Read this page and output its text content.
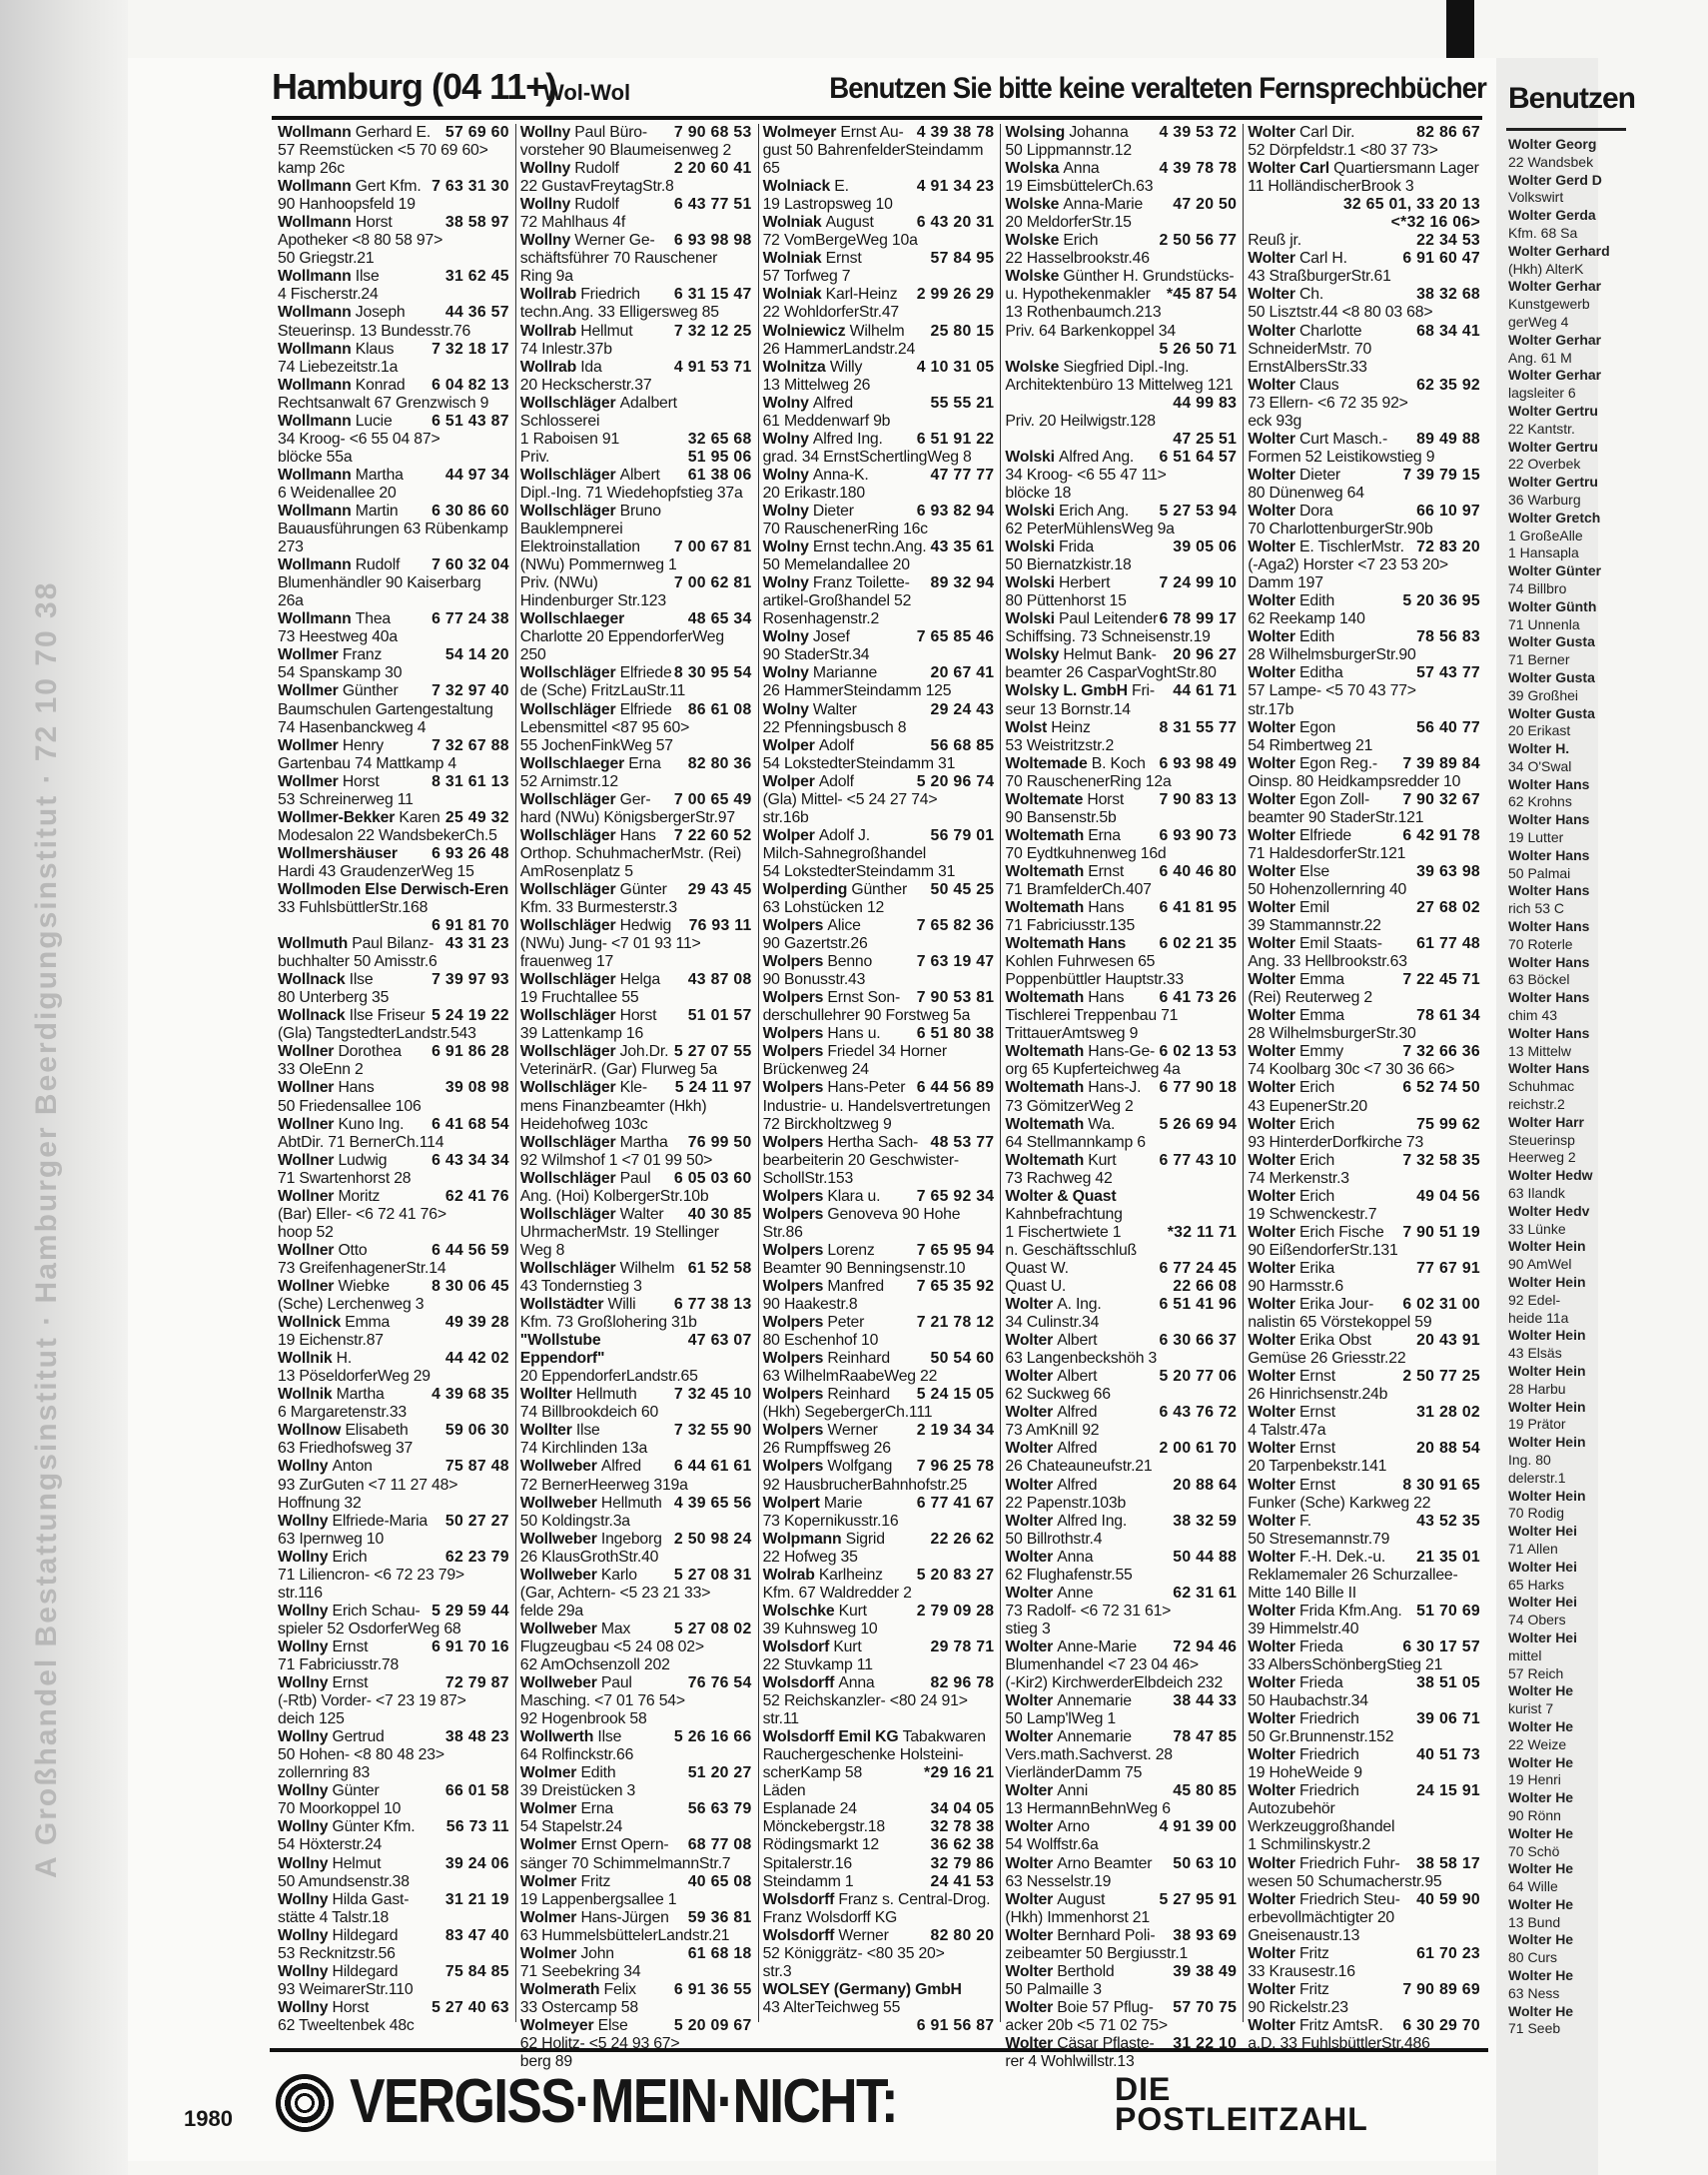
A Großhandel Bestattungsinstitut · Hamburger Beerdigungsinstitut · 72 10 70 38
Hamburg (04 11+)
Wol-Wol	Benutzen Sie bitte keine veralteten Fernsprechbücher
57 69 60
Wollmann Gerhard E.
57 Reemstücken <5 70 69 60>
kamp 26c
7 63 31 30
Wollmann Gert Kfm.
90 Hanhoopsfeld 19
38 58 97
Wollmann Horst
Apotheker <8 80 58 97>
50 Griegstr.21
31 62 45
Wollmann Ilse
4 Fischerstr.24
44 36 57
Wollmann Joseph
Steuerinsp. 13 Bundesstr.76
7 32 18 17
Wollmann Klaus
74 Liebezeitstr.1a
6 04 82 13
Wollmann Konrad
Rechtsanwalt 67 Grenzwisch 9
6 51 43 87
Wollmann Lucie
34 Kroog- <6 55 04 87>
blöcke 55a
44 97 34
Wollmann Martha
6 Weidenallee 20
6 30 86 60
Wollmann Martin
Bauausführungen 63 Rübenkamp 273
7 60 32 04
Wollmann Rudolf
Blumenhändler 90 Kaiserbarg 26a
6 77 24 38
Wollmann Thea
73 Heestweg 40a
54 14 20
Wollmer Franz
54 Spanskamp 30
7 32 97 40
Wollmer Günther
Baumschulen Gartengestaltung
74 Hasenbanckweg 4
7 32 67 88
Wollmer Henry
Gartenbau 74 Mattkamp 4
8 31 61 13
Wollmer Horst
53 Schreinerweg 11
25 49 32
Wollmer-Bekker Karen
Modesalon 22 WandsbekerCh.5
6 93 26 48
Wollmershäuser
Hardi 43 GraudenzerWeg 15
Wollmoden Else Derwisch-Eren
33 FuhlsbüttlerStr.168
6 91 81 70
43 31 23
Wollmuth Paul Bilanz-
buchhalter 50 Amisstr.6
7 39 97 93
Wollnack Ilse
80 Unterberg 35
5 24 19 22
Wollnack Ilse Friseur
(Gla) TangstedterLandstr.543
6 91 86 28
Wollner Dorothea
33 OleEnn 2
39 08 98
Wollner Hans
50 Friedensallee 106
6 41 68 54
Wollner Kuno Ing.
AbtDir. 71 BernerCh.114
6 43 34 34
Wollner Ludwig
71 Swartenhorst 28
62 41 76
Wollner Moritz
(Bar) Eller- <6 72 41 76>
hoop 52
6 44 56 59
Wollner Otto
73 GreifenhagenerStr.14
8 30 06 45
Wollner Wiebke
(Sche) Lerchenweg 3
49 39 28
Wollnick Emma
19 Eichenstr.87
44 42 02
Wollnik H.
13 PöseldorferWeg 29
4 39 68 35
Wollnik Martha
6 Margaretenstr.33
59 06 30
Wollnow Elisabeth
63 Friedhofsweg 37
75 87 48
Wollny Anton
93 ZurGuten <7 11 27 48>
Hoffnung 32
50 27 27
Wollny Elfriede-Maria
63 Ipernweg 10
62 23 79
Wollny Erich
71 Liliencron- <6 72 23 79>
str.116
5 29 59 44
Wollny Erich Schau-
spieler 52 OsdorferWeg 68
6 91 70 16
Wollny Ernst
71 Fabriciusstr.78
72 79 87
Wollny Ernst
(-Rtb) Vorder- <7 23 19 87>
deich 125
38 48 23
Wollny Gertrud
50 Hohen- <8 80 48 23>
zollernring 83
66 01 58
Wollny Günter
70 Moorkoppel 10
56 73 11
Wollny Günter Kfm.
54 Höxterstr.24
39 24 06
Wollny Helmut
50 Amundsenstr.38
31 21 19
Wollny Hilda Gast-
stätte 4 Talstr.18
83 47 40
Wollny Hildegard
53 Recknitzstr.56
75 84 85
Wollny Hildegard
93 WeimarerStr.110
5 27 40 63
Wollny Horst
62 Tweeltenbek 48c
7 90 68 53
Wollny Paul Büro-
vorsteher 90 Blaumeisenweg 2
2 20 60 41
Wollny Rudolf
22 GustavFreytagStr.8
6 43 77 51
Wollny Rudolf
72 Mahlhaus 4f
6 93 98 98
Wollny Werner Ge-
schäftsführer 70 Rauschener Ring 9a
6 31 15 47
Wollrab Friedrich
techn.Ang. 33 Elligersweg 85
7 32 12 25
Wollrab Hellmut
74 Inlestr.37b
4 91 53 71
Wollrab Ida
20 Heckscherstr.37
Wollschläger Adalbert Schlosserei
32 65 68
1 Raboisen 91
51 95 06
Priv.
61 38 06
Wollschläger Albert
Dipl.-Ing. 71 Wiedehopfstieg 37a
Wollschläger Bruno Bauklempnerei
7 00 67 81
Elektroinstallation (NWu) Pommernweg 1
7 00 62 81
Priv. (NWu) Hindenburger Str.123
48 65 34
Wollschlaeger Charlotte 20 EppendorferWeg 250
8 30 95 54
Wollschläger Elfriede
de (Sche) FritzLauStr.11
86 61 08
Wollschläger Elfriede
Lebensmittel <87 95 60>
55 JochenFinkWeg 57
82 80 36
Wollschlaeger Erna
52 Arnimstr.12
7 00 65 49
Wollschläger Ger-
hard (NWu) KönigsbergerStr.97
7 22 60 52
Wollschläger Hans
Orthop. SchuhmacherMstr. (Rei) AmRosenplatz 5
29 43 45
Wollschläger Günter
Kfm. 33 Burmesterstr.3
76 93 11
Wollschläger Hedwig
(NWu) Jung- <7 01 93 11>
frauenweg 17
43 87 08
Wollschläger Helga
19 Fruchtallee 55
51 01 57
Wollschläger Horst
39 Lattenkamp 16
5 27 07 55
Wollschläger Joh.Dr.
VeterinärR. (Gar) Flurweg 5a
5 24 11 97
Wollschläger Kle-
mens Finanzbeamter (Hkh) Heidehofweg 103c
76 99 50
Wollschläger Martha
92 Wilmshof 1 <7 01 99 50>
6 05 03 60
Wollschläger Paul
Ang. (Hoi) KolbergerStr.10b
40 30 85
Wollschläger Walter
UhrmacherMstr. 19 Stellinger Weg 8
61 52 58
Wollschläger Wilhelm
43 Tondernstieg 3
6 77 38 13
Wollstädter Willi
Kfm. 73 Großlohering 31b
47 63 07
"Wollstube Eppendorf"
20 EppendorferLandstr.65
7 32 45 10
Wollter Hellmuth
74 Billbrookdeich 60
7 32 55 90
Wollter Ilse
74 Kirchlinden 13a
6 44 61 61
Wollweber Alfred
72 BernerHeerweg 319a
4 39 65 56
Wollweber Hellmuth
50 Koldingstr.3a
2 50 98 24
Wollweber Ingeborg
26 KlausGrothStr.40
5 27 08 31
Wollweber Karlo
(Gar, Achtern- <5 23 21 33>
felde 29a
5 27 08 02
Wollweber Max
Flugzeugbau <5 24 08 02>
62 AmOchsenzoll 202
76 76 54
Wollweber Paul
Masching. <7 01 76 54>
92 Hogenbrook 58
5 26 16 66
Wollwerth Ilse
64 Rolfinckstr.66
51 20 27
Wolmer Edith
39 Dreistücken 3
56 63 79
Wolmer Erna
54 Stapelstr.24
68 77 08
Wolmer Ernst Opern-
sänger 70 SchimmelmannStr.7
40 65 08
Wolmer Fritz
19 Lappenbergsallee 1
59 36 81
Wolmer Hans-Jürgen
63 HummelsbüttelerLandstr.21
61 68 18
Wolmer John
71 Seebekring 34
6 91 36 55
Wolmerath Felix
33 Ostercamp 58
5 20 09 67
Wolmeyer Else
62 Holitz- <5 24 93 67>
berg 89
4 39 38 78
Wolmeyer Ernst Au-
gust 50 BahrenfelderSteindamm 65
4 91 34 23
Wolniack E.
19 Lastropsweg 10
6 43 20 31
Wolniak August
72 VomBergeWeg 10a
57 84 95
Wolniak Ernst
57 Torfweg 7
2 99 26 29
Wolniak Karl-Heinz
22 WohldorferStr.47
25 80 15
Wolniewicz Wilhelm
26 HammerLandstr.24
4 10 31 05
Wolnitza Willy
13 Mittelweg 26
55 55 21
Wolny Alfred
61 Meddenwarf 9b
6 51 91 22
Wolny Alfred Ing.
grad. 34 ErnstSchertlingWeg 8
47 77 77
Wolny Anna-K.
20 Erikastr.180
6 93 82 94
Wolny Dieter
70 RauschenerRing 16c
43 35 61
Wolny Ernst techn.Ang.
50 Memelandallee 20
89 32 94
Wolny Franz Toilette-
artikel-Großhandel 52 Rosenhagenstr.2
7 65 85 46
Wolny Josef
90 StaderStr.34
20 67 41
Wolny Marianne
26 HammerSteindamm 125
29 24 43
Wolny Walter
22 Pfenningsbusch 8
56 68 85
Wolper Adolf
54 LokstedterSteindamm 31
5 20 96 74
Wolper Adolf
(Gla) Mittel- <5 24 27 74>
str.16b
56 79 01
Wolper Adolf J.
Milch-Sahnegroßhandel
54 LokstedterSteindamm 31
50 45 25
Wolperding Günther
63 Lohstücken 12
7 65 82 36
Wolpers Alice
90 Gazertstr.26
7 63 19 47
Wolpers Benno
90 Bonusstr.43
7 90 53 81
Wolpers Ernst Son-
derschullehrer 90 Forstweg 5a
6 51 80 38
Wolpers Hans u.
Wolpers Friedel 34 Horner Brückenweg 24
6 44 56 89
Wolpers Hans-Peter
Industrie- u. Handelsvertretungen
72 Birckholtzweg 9
48 53 77
Wolpers Hertha Sach-
bearbeiterin 20 Geschwister-SchollStr.153
7 65 92 34
Wolpers Klara u.
Wolpers Genoveva 90 Hohe Str.86
7 65 95 94
Wolpers Lorenz
Beamter 90 Benningsenstr.10
7 65 35 92
Wolpers Manfred
90 Haakestr.8
7 21 78 12
Wolpers Peter
80 Eschenhof 10
50 54 60
Wolpers Reinhard
63 WilhelmRaabeWeg 22
5 24 15 05
Wolpers Reinhard
(Hkh) SegebergerCh.111
2 19 34 34
Wolpers Werner
26 Rumpffsweg 26
7 96 25 78
Wolpers Wolfgang
92 HausbrucherBahnhofstr.25
6 77 41 67
Wolpert Marie
73 Kopernikusstr.16
22 26 62
Wolpmann Sigrid
22 Hofweg 35
5 20 83 27
Wolrab Karlheinz
Kfm. 67 Waldredder 2
2 79 09 28
Wolschke Kurt
39 Kuhnsweg 10
29 78 71
Wolsdorf Kurt
22 Stuvkamp 11
82 96 78
Wolsdorff Anna
52 Reichskanzler- <80 24 91>
str.11
Wolsdorff Emil KG Tabakwaren
Rauchergeschenke Holsteini-
*29 16 21
scherKamp 58
Läden
34 04 05
Esplanade 24
32 78 38
Mönckebergstr.18
36 62 38
Rödingsmarkt 12
32 79 86
Spitalerstr.16
24 41 53
Steindamm 1
Wolsdorff Franz s. Central-Drog.
Franz Wolsdorff KG
82 80 20
Wolsdorff Werner
52 Königgrätz- <80 35 20>
str.3
WOLSEY (Germany) GmbH
43 AlterTeichweg 55
6 91 56 87
4 39 53 72
Wolsing Johanna
50 Lippmannstr.12
4 39 78 78
Wolska Anna
19 EimsbüttelerCh.63
47 20 50
Wolske Anna-Marie
20 MeldorferStr.15
2 50 56 77
Wolske Erich
22 Hasselbrookstr.46
Wolske Günther H. Grundstücks-
*45 87 54
u. Hypothekenmakler 13 Rothenbaumch.213
Priv. 64 Barkenkoppel 34
5 26 50 71
Wolske Siegfried Dipl.-Ing. Architektenbüro 13 Mittelweg 121
44 99 83
Priv. 20 Heilwigstr.128
47 25 51
6 51 64 57
Wolski Alfred Ang.
34 Kroog- <6 55 47 11>
blöcke 18
5 27 53 94
Wolski Erich Ang.
62 PeterMühlensWeg 9a
39 05 06
Wolski Frida
50 Biernatzkistr.18
7 24 99 10
Wolski Herbert
80 Püttenhorst 15
6 78 99 17
Wolski Paul Leitender
Schiffsing. 73 Schneisenstr.19
20 96 27
Wolsky Helmut Bank-
beamter 26 CasparVoghtStr.80
44 61 71
Wolsky L. GmbH Fri-
seur 13 Bornstr.14
8 31 55 77
Wolst Heinz
53 Weistritzstr.2
6 93 98 49
Woltemade B. Koch
70 RauschenerRing 12a
7 90 83 13
Woltemate Horst
90 Bansenstr.5b
6 93 90 73
Woltemath Erna
70 Eydtkuhnenweg 16d
6 40 46 80
Woltemath Ernst
71 BramfelderCh.407
6 41 81 95
Woltemath Hans
71 Fabriciusstr.135
6 02 21 35
Woltemath Hans
Kohlen Fuhrwesen 65 Poppenbüttler Hauptstr.33
6 41 73 26
Woltemath Hans
Tischlerei Treppenbau 71 TrittauerAmtsweg 9
6 02 13 53
Woltemath Hans-Ge-
org 65 Kupferteichweg 4a
6 77 90 18
Woltemath Hans-J.
73 GömitzerWeg 2
5 26 69 94
Woltemath Wa.
64 Stellmannkamp 6
6 77 43 10
Woltemath Kurt
73 Rachweg 42
Wolter & Quast Kahnbefrachtung
*32 11 71
1 Fischertwiete 1
n. Geschäftsschluß
6 77 24 45
Quast W.
22 66 08
Quast U.
6 51 41 96
Wolter A. Ing.
34 Culinstr.34
6 30 66 37
Wolter Albert
63 Langenbeckshöh 3
5 20 77 06
Wolter Albert
62 Suckweg 66
6 43 76 72
Wolter Alfred
73 AmKnill 92
2 00 61 70
Wolter Alfred
26 Chateauneufstr.21
20 88 64
Wolter Alfred
22 Papenstr.103b
38 32 59
Wolter Alfred Ing.
50 Billrothstr.4
50 44 88
Wolter Anna
62 Flughafenstr.55
62 31 61
Wolter Anne
73 Radolf- <6 72 31 61>
stieg 3
72 94 46
Wolter Anne-Marie
Blumenhandel <7 23 04 46>
(-Kir2) KirchwerderElbdeich 232
38 44 33
Wolter Annemarie
50 Lamp'lWeg 1
78 47 85
Wolter Annemarie
Vers.math.Sachverst. 28 VierländerDamm 75
45 80 85
Wolter Anni
13 HermannBehnWeg 6
4 91 39 00
Wolter Arno
54 Wolffstr.6a
50 63 10
Wolter Arno Beamter
63 Nesselstr.19
5 27 95 91
Wolter August
(Hkh) Immenhorst 21
38 93 69
Wolter Bernhard Poli-
zeibeamter 50 Bergiusstr.1
39 38 49
Wolter Berthold
50 Palmaille 3
57 70 75
Wolter Boie 57 Pflug-
acker 20b <5 71 02 75>
31 22 10
Wolter Cäsar Pflaste-
rer 4 Wohlwillstr.13
82 86 67
Wolter Carl Dir.
52 Dörpfeldstr.1 <80 37 73>
Wolter Carl Quartiersmann Lager
11 HolländischerBrook 3
32 65 01, 33 20 13
<*32 16 06>
22 34 53
Reuß jr.
6 91 60 47
Wolter Carl H.
43 StraßburgerStr.61
38 32 68
Wolter Ch.
50 Lisztstr.44 <8 80 03 68>
68 34 41
Wolter Charlotte
SchneiderMstr. 70 ErnstAlbersStr.33
62 35 92
Wolter Claus
73 Ellern- <6 72 35 92>
eck 93g
89 49 88
Wolter Curt Masch.-
Formen 52 Leistikowstieg 9
7 39 79 15
Wolter Dieter
80 Dünenweg 64
66 10 97
Wolter Dora
70 CharlottenburgerStr.90b
72 83 20
Wolter E. TischlerMstr.
(-Aga2) Horster <7 23 53 20>
Damm 197
5 20 36 95
Wolter Edith
62 Reekamp 140
78 56 83
Wolter Edith
28 WilhelmsburgerStr.90
57 43 77
Wolter Editha
57 Lampe- <5 70 43 77>
str.17b
56 40 77
Wolter Egon
54 Rimbertweg 21
7 39 89 84
Wolter Egon Reg.-
Oinsp. 80 Heidkampsredder 10
7 90 32 67
Wolter Egon Zoll-
beamter 90 StaderStr.121
6 42 91 78
Wolter Elfriede
71 HaldesdorferStr.121
39 63 98
Wolter Else
50 Hohenzollernring 40
27 68 02
Wolter Emil
39 Stammannstr.22
61 77 48
Wolter Emil Staats-
Ang. 33 Hellbrookstr.63
7 22 45 71
Wolter Emma
(Rei) Reuterweg 2
78 61 34
Wolter Emma
28 WilhelmsburgerStr.30
7 32 66 36
Wolter Emmy
74 Koolbarg 30c <7 30 36 66>
6 52 74 50
Wolter Erich
43 EupenerStr.20
75 99 62
Wolter Erich
93 HinterderDorfkirche 73
7 32 58 35
Wolter Erich
74 Merkenstr.3
49 04 56
Wolter Erich
19 Schwenckestr.7
7 90 51 19
Wolter Erich Fische
90 EißendorferStr.131
77 67 91
Wolter Erika
90 Harmsstr.6
6 02 31 00
Wolter Erika Jour-
nalistin 65 Vörstekoppel 59
20 43 91
Wolter Erika Obst
Gemüse 26 Griesstr.22
2 50 77 25
Wolter Ernst
26 Hinrichsenstr.24b
31 28 02
Wolter Ernst
4 Talstr.47a
20 88 54
Wolter Ernst
20 Tarpenbekstr.141
8 30 91 65
Wolter Ernst
Funker (Sche) Karkweg 22
43 52 35
Wolter F.
50 Stresemannstr.79
21 35 01
Wolter F.-H. Dek.-u.
Reklamemaler 26 Schurzallee-Mitte 140 Bille II
51 70 69
Wolter Frida Kfm.Ang.
39 Himmelstr.40
6 30 17 57
Wolter Frieda
33 AlbersSchönbergStieg 21
38 51 05
Wolter Frieda
50 Haubachstr.34
39 06 71
Wolter Friedrich
50 Gr.Brunnenstr.152
40 51 73
Wolter Friedrich
19 HoheWeide 9
24 15 91
Wolter Friedrich
Autozubehör Werkzeuggroßhandel
1 Schmilinskystr.2
38 58 17
Wolter Friedrich Fuhr-
wesen 50 Schumacherstr.95
40 59 90
Wolter Friedrich Steu-
erbevollmächtigter 20 Gneisenaustr.13
61 70 23
Wolter Fritz
33 Krausestr.16
7 90 89 69
Wolter Fritz
90 Rickelstr.23
6 30 29 70
Wolter Fritz AmtsR.
a.D. 33 FuhlsbüttlerStr.486
Benutzen
Wolter Georg
22 Wandsbek
Wolter Gerd D
Volkswirt
Wolter Gerda
Kfm. 68 Sa
Wolter Gerhard
(Hkh) AlterK
Wolter Gerhar
Kunstgewerb
gerWeg 4
Wolter Gerhar
Ang. 61 M
Wolter Gerhar
lagsleiter 6
Wolter Gertru
22 Kantstr.
Wolter Gertru
22 Overbek
Wolter Gertru
36 Warburg
Wolter Gretch
1 GroßeAlle
1 Hansapla
Wolter Günter
74 Billbro
Wolter Günth
71 Unnenla
Wolter Gusta
71 Berner
Wolter Gusta
39 Großhei
Wolter Gusta
20 Erikast
Wolter H.
34 O'Swal
Wolter Hans
62 Krohns
Wolter Hans
19 Lutter
Wolter Hans
50 Palmai
Wolter Hans
rich 53 C
Wolter Hans
70 Roterle
Wolter Hans
63 Böckel
Wolter Hans
chim 43
Wolter Hans
13 Mittelw
Wolter Hans
Schuhmac
reichstr.2
Wolter Harr
Steuerinsp
Heerweg 2
Wolter Hedw
63 Ilandk
Wolter Hedv
33 Lünke
Wolter Hein
90 AmWel
Wolter Hein
92 Edel-
heide 11a
Wolter Hein
43 Elsäs
Wolter Hein
28 Harbu
Wolter Hein
19 Prätor
Wolter Hein
Ing. 80
delerstr.1
Wolter Hein
70 Rodig
Wolter Hei
71 Allen
Wolter Hei
65 Harks
Wolter Hei
74 Obers
Wolter Hei
mittel
57 Reich
Wolter He
kurist 7
Wolter He
22 Weize
Wolter He
19 Henri
Wolter He
90 Rönn
Wolter He
70 Schö
Wolter He
64 Wille
Wolter He
13 Bund
Wolter He
80 Curs
Wolter He
63 Ness
Wolter He
71 Seeb
VERGISS·MEIN·NICHT:	DIE
POSTLEITZAHL
1980
